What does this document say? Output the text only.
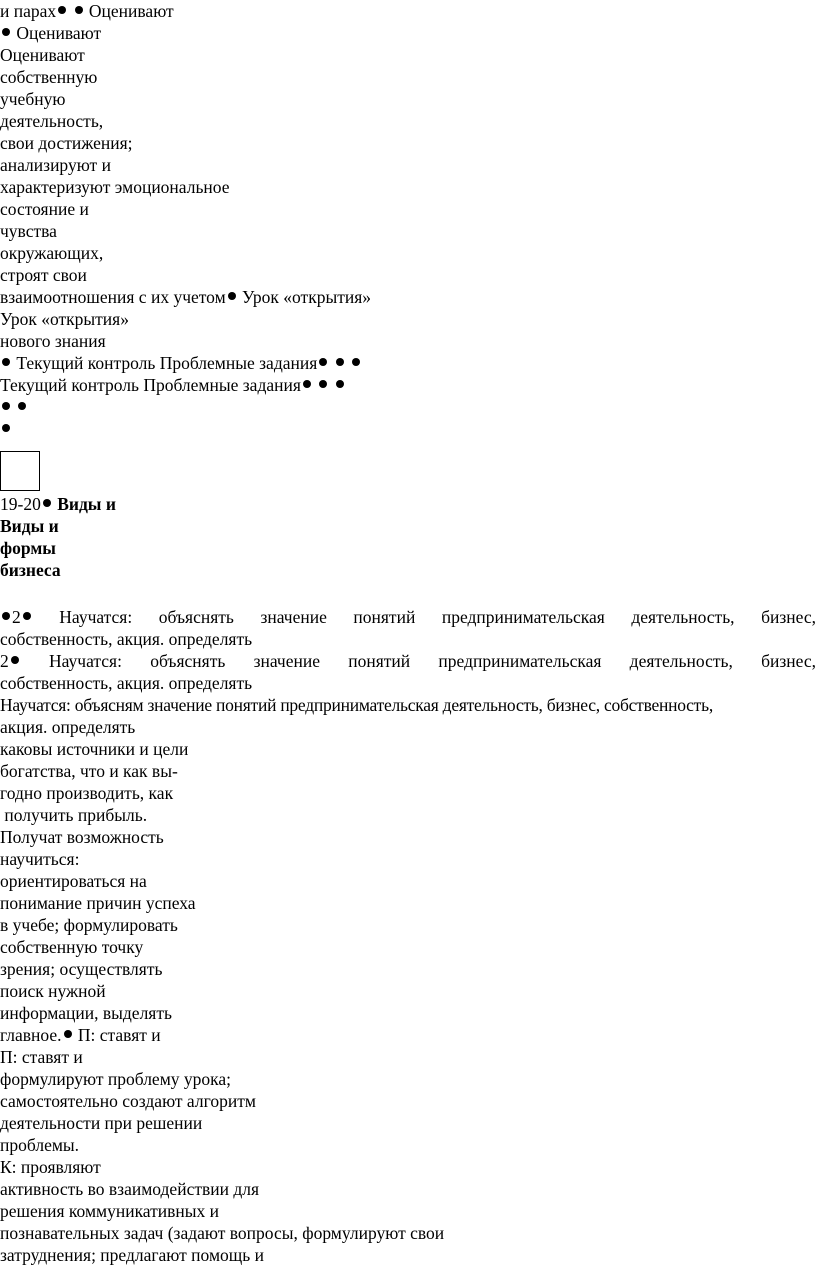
и парах Оценивают
Оценивают
Оценивают
собственную
учебную
деятельность,
свои достижения;
анализируют и
характеризуют эмоциональное
состояние и
чувства
окружающих,
строят свои
взаимоотношения с их учетом Урок «открытия»
Урок «открытия»
нового знания
Текущий контроль Проблемные задания
Текущий контроль Проблемные задания

19-20 Виды и
Виды и
формы
бизнеса
2 Научатся: объяснять значение понятий предпринимательская деятельность, бизнес,
собственность, акция. определять
2 Научатся: объяснять значение понятий предпринимательская деятельность, бизнес,
собственность, акция. определять
Научатся: объясням значение понятий предпринимательская деятельность, бизнес, собственность,
акция. определять
каковы источники и цели
богатства, что и как вы-
годно производить, как
получить прибыль.
Получат возможность
научиться:
ориентироваться на
понимание причин успеха
в учебе; формулировать
собственную точку
зрения; осуществлять
поиск нужной
информации, выделять
главное. П: ставят и
П: ставят и
формулируют проблему урока;
самостоятельно создают алгоритм
деятельности при решении
проблемы.
К: проявляют
активность во взаимодействии для
решения коммуникативных и
познавательных задач (задают вопросы, формулируют свои
затруднения; предлагают помощь и
